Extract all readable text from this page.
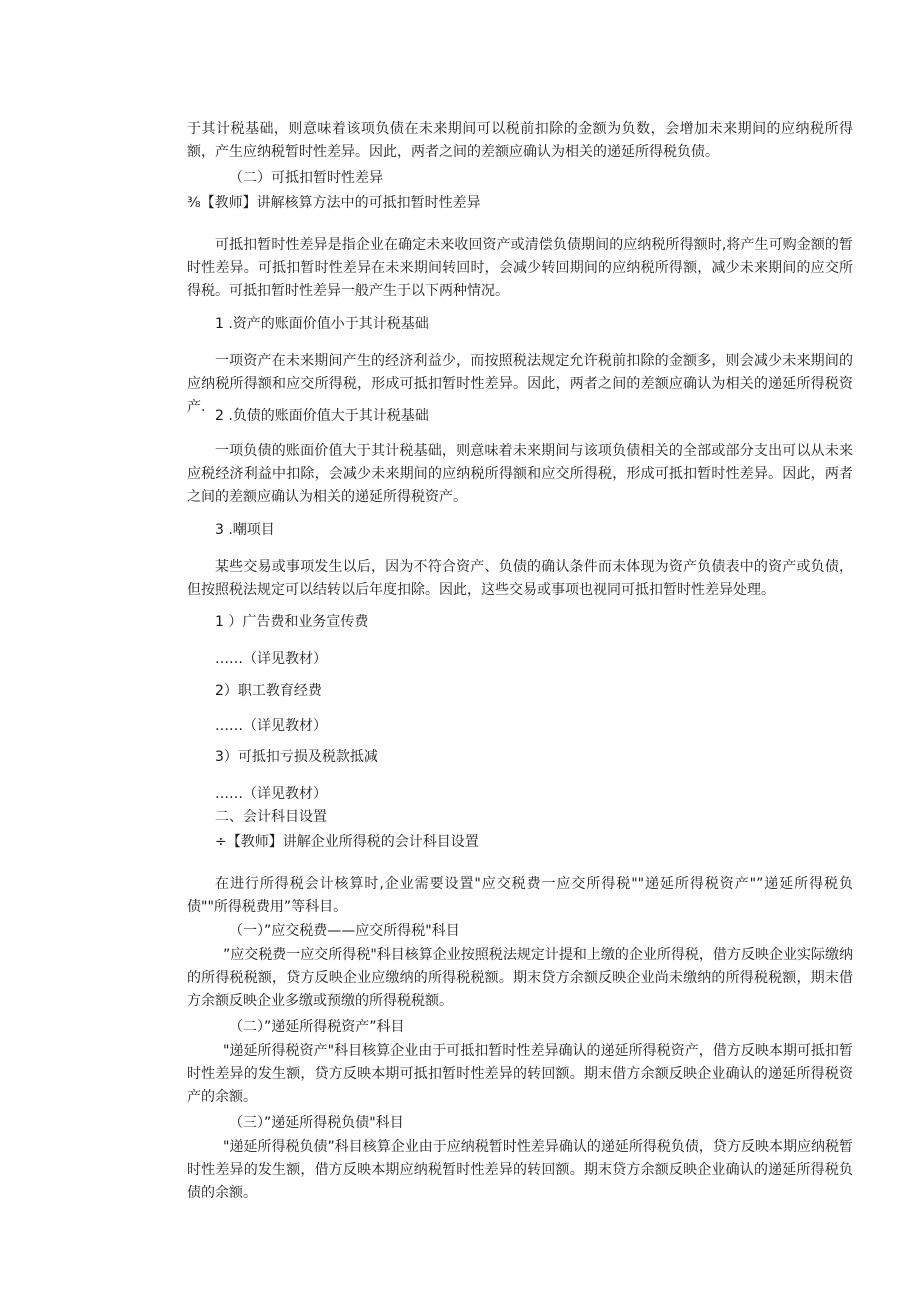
于其计税基础，则意味着该项负债在未来期间可以税前扣除的金额为负数，会增加未来期间的应纳税所得额，产生应纳税暂时性差异。因此，两者之间的差额应确认为相关的递延所得税负债。

（二）可抵扣暂时性差异

⅜【教师】讲解核算方法中的可抵扣暂时性差异

可抵扣暂时性差异是指企业在确定未来收回资产或清偿负债期间的应纳税所得额时,将产生可购金额的暂时性差异。可抵扣暂时性差异在未来期间转回时，会减少转回期间的应纳税所得额，减少未来期间的应交所得税。可抵扣暂时性差异一般产生于以下两种情况。

1 .资产的账面价值小于其计税基础

一项资产在未来期间产生的经济利益少，而按照税法规定允许税前扣除的金额多，则会减少未来期间的应纳税所得额和应交所得税，形成可抵扣暂时性差异。因此，两者之间的差额应确认为相关的递延所得税资产.

2 .负债的账面价值大于其计税基础

一项负债的账面价值大于其计税基础，则意味着未来期间与该项负债相关的全部或部分支出可以从未来应税经济利益中扣除，会减少未来期间的应纳税所得额和应交所得税，形成可抵扣暂时性差异。因此，两者之间的差额应确认为相关的递延所得税资产。

3 .嘲项目

某些交易或事项发生以后，因为不符合资产、负债的确认条件而未体现为资产负债表中的资产或负债，但按照税法规定可以结转以后年度扣除。因此，这些交易或事项也视同可抵扣暂时性差异处理。

1 ）广告费和业务宣传费

……（详见教材）

2）职工教育经费

……（详见教材）

3）可抵扣亏损及税款抵减

……（详见教材）

二、会计科目设置

÷【教师】讲解企业所得税的会计科目设置

在进行所得税会计核算时,企业需要设置"应交税费一应交所得税""递延所得税资产"”递延所得税负债""所得税费用”等科目。

（一）”应交税费——应交所得税"科目

”应交税费一应交所得税"科目核算企业按照税法规定计提和上缴的企业所得税，借方反映企业实际缴纳的所得税税额，贷方反映企业应缴纳的所得税税额。期末贷方余额反映企业尚未缴纳的所得税税额，期末借方余额反映企业多缴或预缴的所得税税额。

（二）”递延所得税资产”科目

"递延所得税资产"科目核算企业由于可抵扣暂时性差异确认的递延所得税资产，借方反映本期可抵扣暂时性差异的发生额，贷方反映本期可抵扣暂时性差异的转回额。期末借方余额反映企业确认的递延所得税资产的余额。

（三）”递延所得税负债"科目

"递延所得税负债”科目核算企业由于应纳税暂时性差异确认的递延所得税负债，贷方反映本期应纳税暂时性差异的发生额，借方反映本期应纳税暂时性差异的转回额。期末贷方余额反映企业确认的递延所得税负债的余额。
